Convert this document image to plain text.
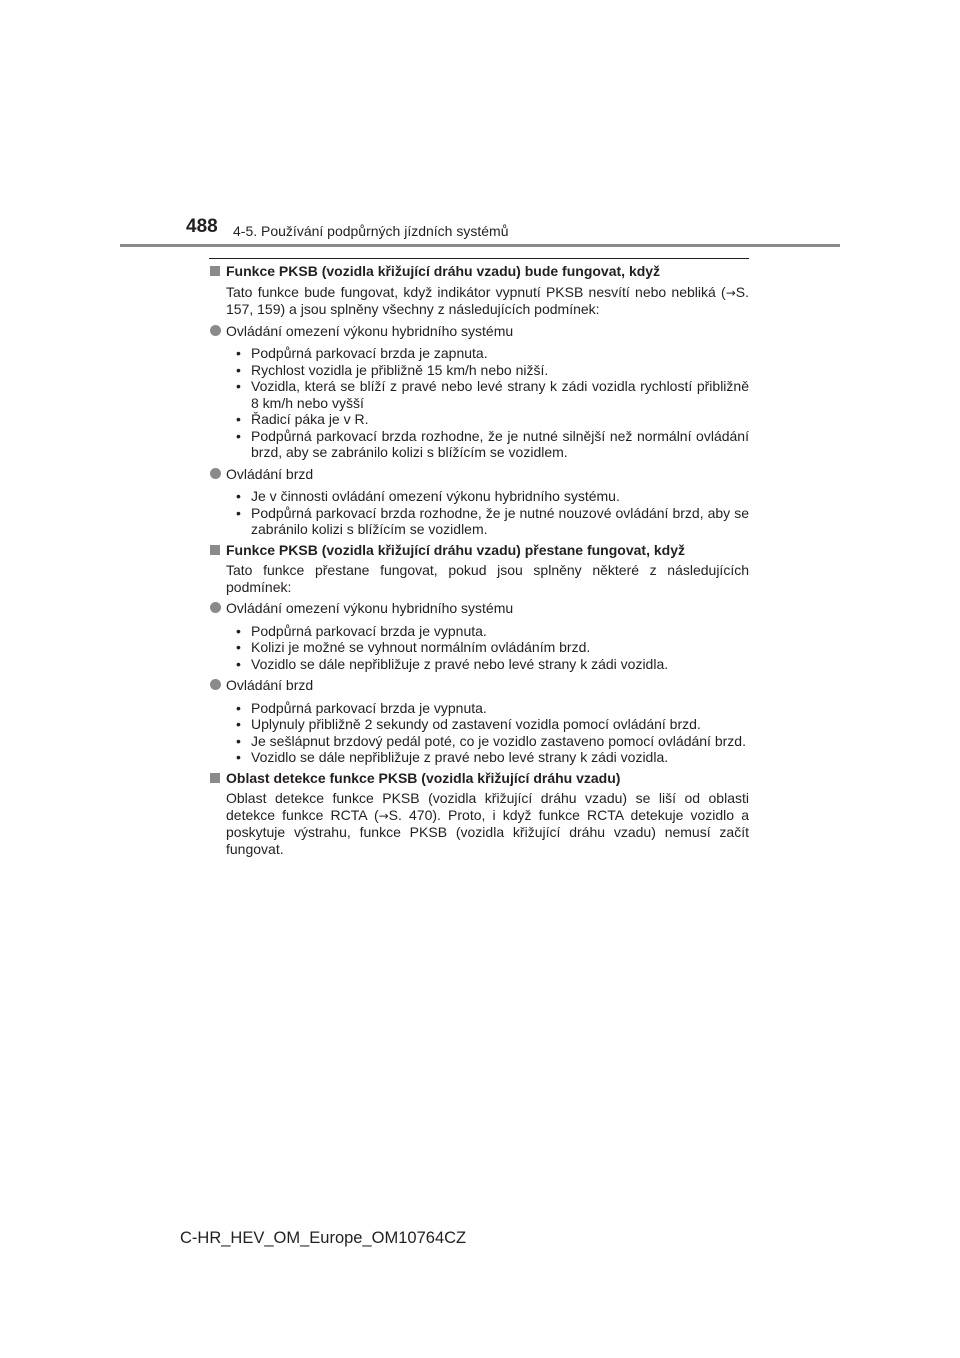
488 4-5. Používání podpůrných jízdních systémů
Funkce PKSB (vozidla křižující dráhu vzadu) bude fungovat, když
Tato funkce bude fungovat, když indikátor vypnutí PKSB nesvítí nebo nebliká (→S. 157, 159) a jsou splněny všechny z následujících podmínek:
Ovládání omezení výkonu hybridního systému
• Podpůrná parkovací brzda je zapnuta.
• Rychlost vozidla je přibližně 15 km/h nebo nižší.
• Vozidla, která se blíží z pravé nebo levé strany k zádi vozidla rychlostí přibližně 8 km/h nebo vyšší
• Řadicí páka je v R.
• Podpůrná parkovací brzda rozhodne, že je nutné silnější než normální ovládání brzd, aby se zabránilo kolizi s blížícím se vozidlem.
Ovládání brzd
• Je v činnosti ovládání omezení výkonu hybridního systému.
• Podpůrná parkovací brzda rozhodne, že je nutné nouzové ovládání brzd, aby se zabránilo kolizi s blížícím se vozidlem.
Funkce PKSB (vozidla křižující dráhu vzadu) přestane fungovat, když
Tato funkce přestane fungovat, pokud jsou splněny některé z následujících podmínek:
Ovládání omezení výkonu hybridního systému
• Podpůrná parkovací brzda je vypnuta.
• Kolizi je možné se vyhnout normálním ovládáním brzd.
• Vozidlo se dále nepřibližuje z pravé nebo levé strany k zádi vozidla.
Ovládání brzd
• Podpůrná parkovací brzda je vypnuta.
• Uplynuly přibližně 2 sekundy od zastavení vozidla pomocí ovládání brzd.
• Je sešlápnut brzdový pedál poté, co je vozidlo zastaveno pomocí ovládání brzd.
• Vozidlo se dále nepřibližuje z pravé nebo levé strany k zádi vozidla.
Oblast detekce funkce PKSB (vozidla křižující dráhu vzadu)
Oblast detekce funkce PKSB (vozidla křižující dráhu vzadu) se liší od oblasti detekce funkce RCTA (→S. 470). Proto, i když funkce RCTA detekuje vozidlo a poskytuje výstrahu, funkce PKSB (vozidla křižující dráhu vzadu) nemusí začít fungovat.
C-HR_HEV_OM_Europe_OM10764CZ
